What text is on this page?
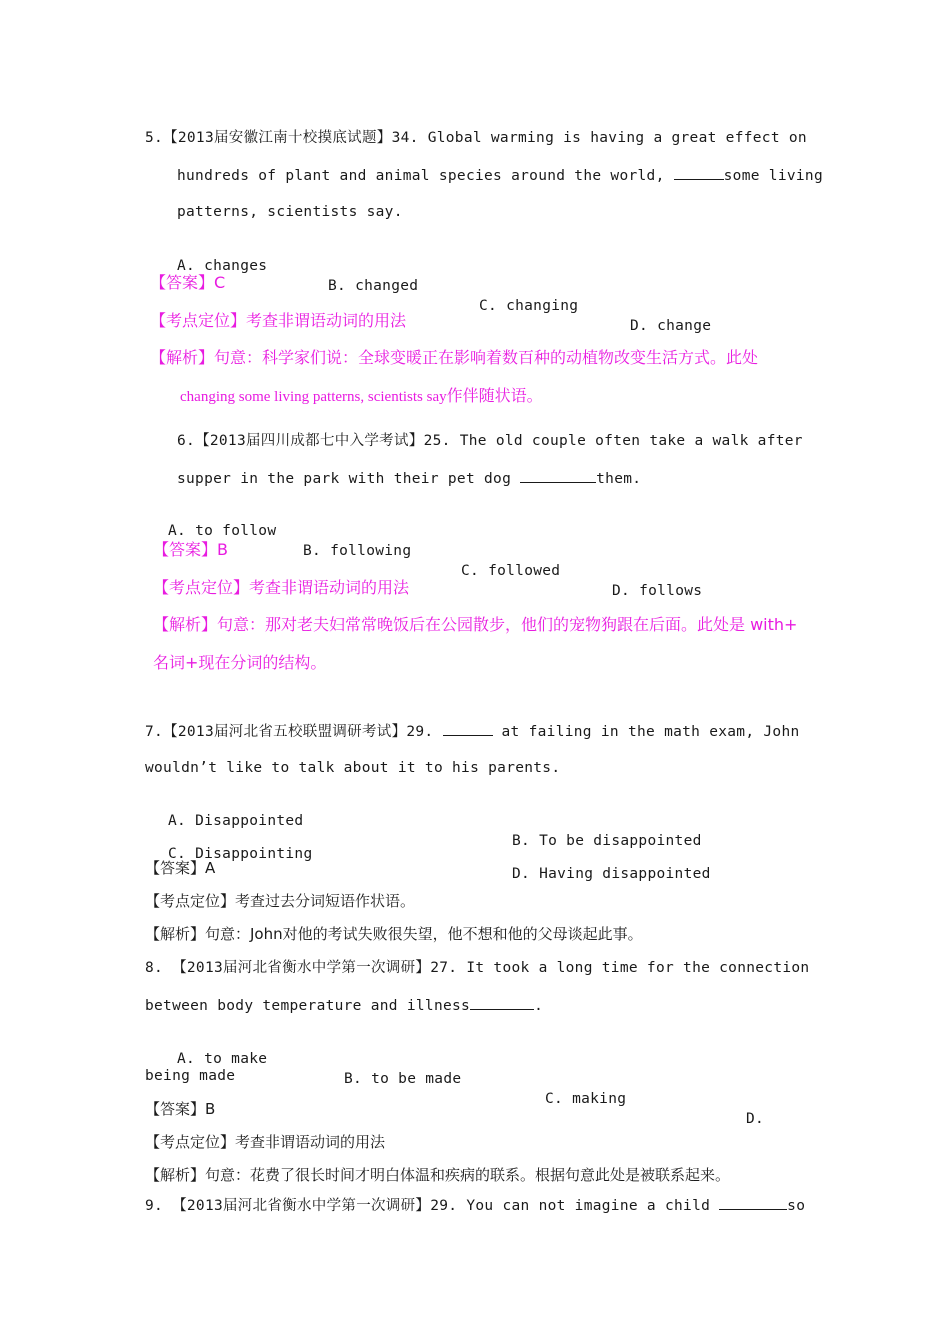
5.【2013届安徽江南十校摸底试题】34. Global warming is having a great effect on
hundreds of plant and animal species around the world,	some living
patterns, scientists say.

A. changes

B. changed

C. changing

D. change

【答案】C
【考点定位】考查非谓语动词的用法
【解析】句意：科学家们说：全球变暖正在影响着数百种的动植物改变生活方式。此处
changing some living patterns, scientists say作伴随状语。
6.【2013届四川成都七中入学考试】25. The old couple often take a walk after
supper in the park with their pet dog	them.

A. to follow

B. following

C. followed

D. follows

【答案】B
【考点定位】考查非谓语动词的用法
【解析】句意：那对老夫妇常常晚饭后在公园散步，他们的宠物狗跟在后面。此处是 with+
名词+现在分词的结构。
7.【2013届河北省五校联盟调研考试】29.	at failing in the math exam, John
wouldn’t like to talk about it to his parents.

A. Disappointed

B. To be disappointed

C. Disappointing

D. Having disappointed

【答案】A
【考点定位】考查过去分词短语作状语。
【解析】句意：John对他的考试失败很失望，他不想和他的父母谈起此事。
8. 【2013届河北省衡水中学第一次调研】27. It took a long time for the connection
between body temperature and illness	.

A. to make

B. to be made

C. making

D.

being made
【答案】B
【考点定位】考查非谓语动词的用法
【解析】句意：花费了很长时间才明白体温和疾病的联系。根据句意此处是被联系起来。
9. 【2013届河北省衡水中学第一次调研】29. You can not imagine a child	so
